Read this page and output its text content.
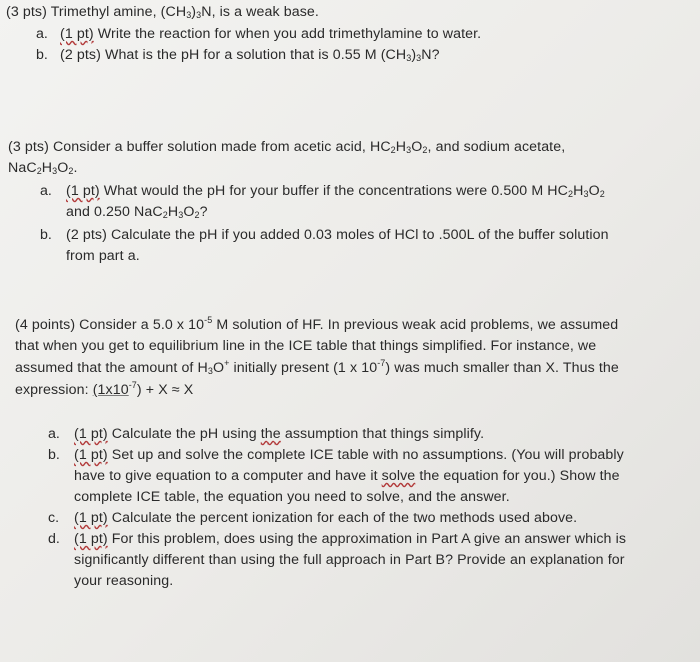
(3 pts) Trimethyl amine, $(CH_3)_3N$, is a weak base.
a. (1 pt) Write the reaction for when you add trimethylamine to water.
b. (2 pts) What is the pH for a solution that is 0.55 M $(CH_3)_3N$?
(3 pts) Consider a buffer solution made from acetic acid, $HC_2H_3O_2$, and sodium acetate,
$NaC_2H_3O_2$.
a. (1 pt) What would the pH for your buffer if the concentrations were 0.500 M $HC_2H_3O_2$
and 0.250 $NaC_2H_3O_2$?
b. (2 pts) Calculate the pH if you added 0.03 moles of HCl to .500L of the buffer solution
from part a.
(4 points) Consider a 5.0 x $10^{-5}$ M solution of HF. In previous weak acid problems, we assumed
that when you get to equilibrium line in the ICE table that things simplified. For instance, we
assumed that the amount of $H_3O^+$ initially present (1 x $10^{-7}$) was much smaller than X. Thus the
expression: $(1x10^{-7}) + X \approx X$
a. (1 pt) Calculate the pH using the assumption that things simplify.
b. (1 pt) Set up and solve the complete ICE table with no assumptions. (You will probably
have to give equation to a computer and have it solve the equation for you.) Show the
complete ICE table, the equation you need to solve, and the answer.
c. (1 pt) Calculate the percent ionization for each of the two methods used above.
d. (1 pt) For this problem, does using the approximation in Part A give an answer which is
significantly different than using the full approach in Part B? Provide an explanation for
your reasoning.
